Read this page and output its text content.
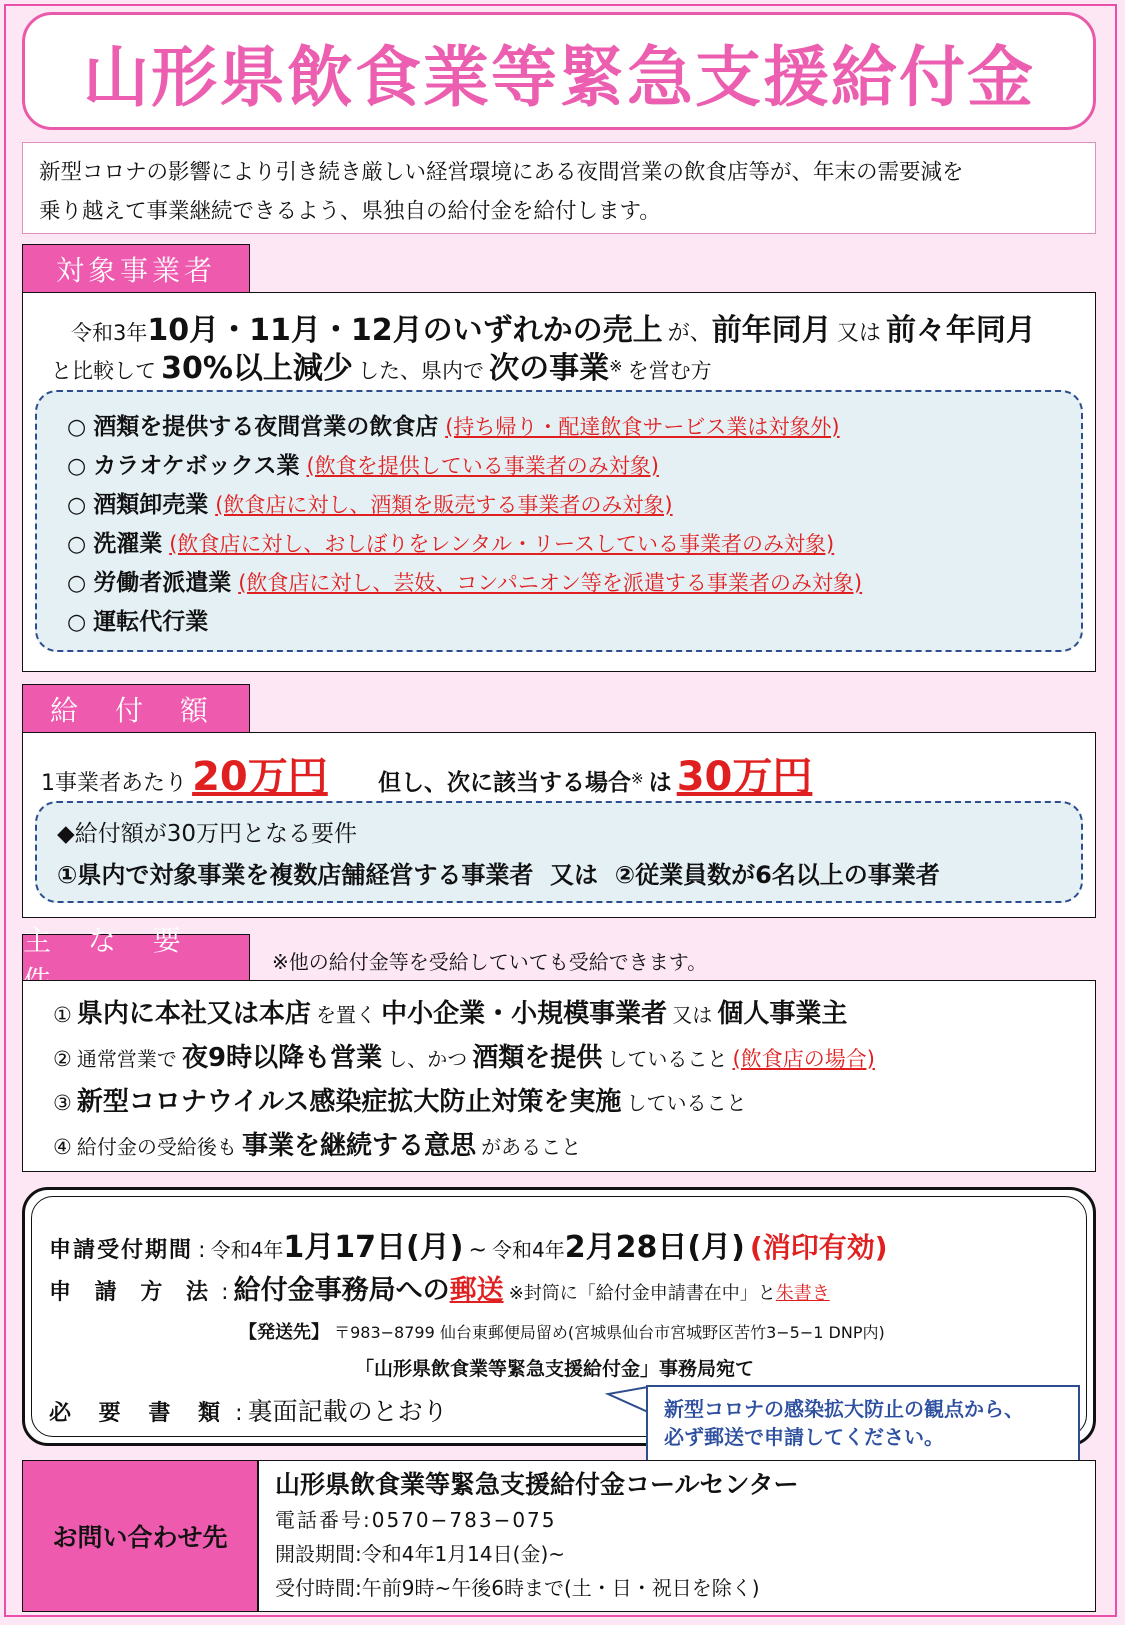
山形県飲食業等緊急支援給付金
新型コロナの影響により引き続き厳しい経営環境にある夜間営業の飲食店等が、年末の需要減を
乗り越えて事業継続できるよう、県独自の給付金を給付します。
対象事業者
令和3年10月・11月・12月のいずれかの売上 が、前年同月 又は 前々年同月
と比較して 30%以上減少 した、県内で 次の事業※ を営む方
○ 酒類を提供する夜間営業の飲食店 (持ち帰り・配達飲食サービス業は対象外)
○ カラオケボックス業 (飲食を提供している事業者のみ対象)
○ 酒類卸売業 (飲食店に対し、酒類を販売する事業者のみ対象)
○ 洗濯業 (飲食店に対し、おしぼりをレンタル・リースしている事業者のみ対象)
○ 労働者派遣業 (飲食店に対し、芸妓、コンパニオン等を派遣する事業者のみ対象)
○ 運転代行業
給 付 額
1事業者あたり 20万円 但し、次に該当する場合※ は 30万円
◆給付額が30万円となる要件
①県内で対象事業を複数店舗経営する事業者 又は ②従業員数が6名以上の事業者
主 な 要
※他の給付金等を受給していても受給できます。
① 県内に本社又は本店 を置く 中小企業・小規模事業者 又は 個人事業主
② 通常営業で 夜9時以降も営業 し、かつ 酒類を提供 していること (飲食店の場合)
③ 新型コロナウイルス感染症拡大防止対策を実施 していること
④ 給付金の受給後も 事業を継続する意思 があること
申請受付期間 : 令和4年1月17日(月) ~ 令和4年2月28日(月) (消印有効)
申 請 方 法 : 給付金事務局への郵送 ※封筒に「給付金申請書在中」と朱書き
【発送先】 〒983−8799 仙台東郵便局留め(宮城県仙台市宮城野区苦竹3−5−1 DNP内)
「山形県飲食業等緊急支援給付金」事務局宛て
必 要 書 類 : 裏面記載のとおり	新型コロナの感染拡大防止の観点から、
必ず郵送で申請してください。
お問い合わせ先
山形県飲食業等緊急支援給付金コールセンター
電話番号:0570−783−075
開設期間:令和4年1月14日(金)~
受付時間:午前9時~午後6時まで(土・日・祝日を除く)
